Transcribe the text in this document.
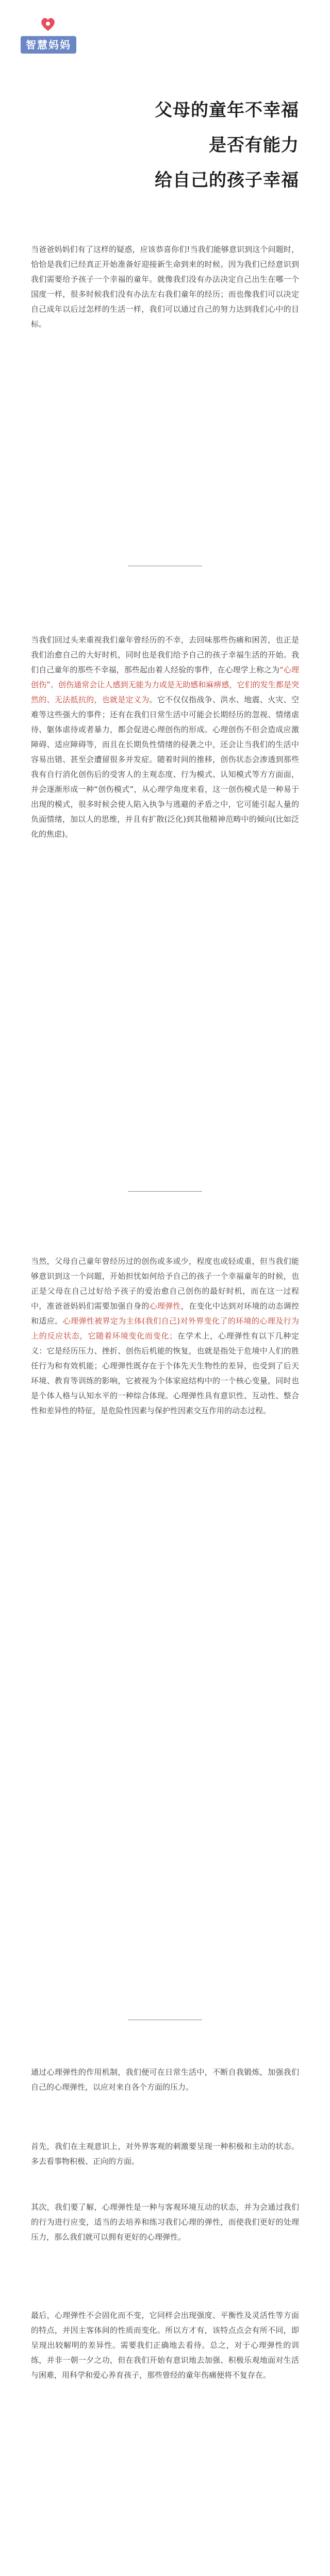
智慧妈妈
父母的童年不幸福
是否有能力
给自己的孩子幸福
当爸爸妈妈们有了这样的疑惑，应该恭喜你们!当我们能够意识到这个问题时，恰恰是我们已经真正开始准备好迎接新生命到来的时候。因为我们已经意识到我们需要给予孩子一个幸福的童年。就像我们没有办法决定自己出生在哪一个国度一样，很多时候我们没有办法左右我们童年的经历；而也像我们可以决定自己成年以后过怎样的生活一样，我们可以通过自己的努力达到我们心中的目标。
当我们回过头来重视我们童年曾经历的不幸，去回味那些伤痛和困苦，也正是我们治愈自己的大好时机，同时也是我们给予自己的孩子幸福生活的开始。我们自己童年的那些不幸福，那些起由着人经验的事件，在心理学上称之为“心理创伤”。创伤通常会让人感到无能为力或是无助感和麻痹感，它们的发生都是突然的、无法抵抗的，也就是定义为。它不仅仅指战争、洪水、地震、火灾、空难等这些强大的事件；还有在我们日常生活中可能会长期经历的忽视、情绪虐待、躯体虐待或者暴力，都会促进心理创伤的形成。心理创伤不但会造成应激障碍、适应障碍等，而且在长期负性情绪的侵袭之中，还会让当我们的生活中容易出错、甚至会遭留很多并发症。随着时间的推移，创伤状态会渗透到那些我有自行消化创伤后的受害人的主观态度、行为模式、认知模式等方方面面，并会逐渐形成一种“创伤模式”，从心理学角度来看，这一创伤模式是一种易于出现的模式，很多时候会使人陷入执争与逃避的矛盾之中，它可能引起人量的负面情绪，加以人的思维，并且有扩散(泛化)到其他精神范畴中的倾向(比如泛化的焦虑)。
当然，父母自己童年曾经历过的创伤或多或少，程度也或轻或重，但当我们能够意识到这一个问题，开始担忧如何给予自己的孩子一个幸福童年的时候，也正是父母在自己过好给予孩子的爱治愈自己创伤的最好时机，而在这一过程中，准爸爸妈妈们需要加强自身的心理弹性，在变化中达到对环境的动态调控和适应。心理弹性被界定为主体(我们自己)对外界变化了的环境的心理及行为上的反应状态，它随着环境变化而变化；在学术上，心理弹性有以下几种定义：它是经历压力、挫折、创伤后机能的恢复，也就是指处于危境中人们的胜任行为和有效机能；心理弹性既存在于个体先天生物性的差异，也受到了后天环境、教育等训练的影响，它被视为个体家庭结构中的一个核心变量，同时也是个体人格与认知水平的一种综合体现。心理弹性具有意识性、互动性、整合性和差异性的特征，是危险性因素与保护性因素交互作用的动态过程。
通过心理弹性的作用机制，我们便可在日常生活中，不断自我锻炼，加强我们自己的心理弹性，以应对来自各个方面的压力。
首先，我们在主观意识上，对外界客观的刺激要呈现一种积极和主动的状态。多去看事物积极、正向的方面。
其次，我们要了解，心理弹性是一种与客观环境互动的状态，并为会通过我们的行为进行应变，适当的去培养和练习我们心理的弹性，而使我们更好的处理压力，那么我们就可以拥有更好的心理弹性。
最后，心理弹性不会固化而不变，它同样会出现强度、平衡性及灵活性等方面的特点，并因主客体间的性质而变化。所以方才有，该特点点会有所不同，即呈现出较解明的差异性。需要我们正确地去看待。总之，对于心理弹性的训练，并非一朝一夕之功，但在我们开始有意识地去加强、积极乐观地面对生活与困难，用科学和爱心养育孩子，那些曾经的童年伤痛便将不复存在。
